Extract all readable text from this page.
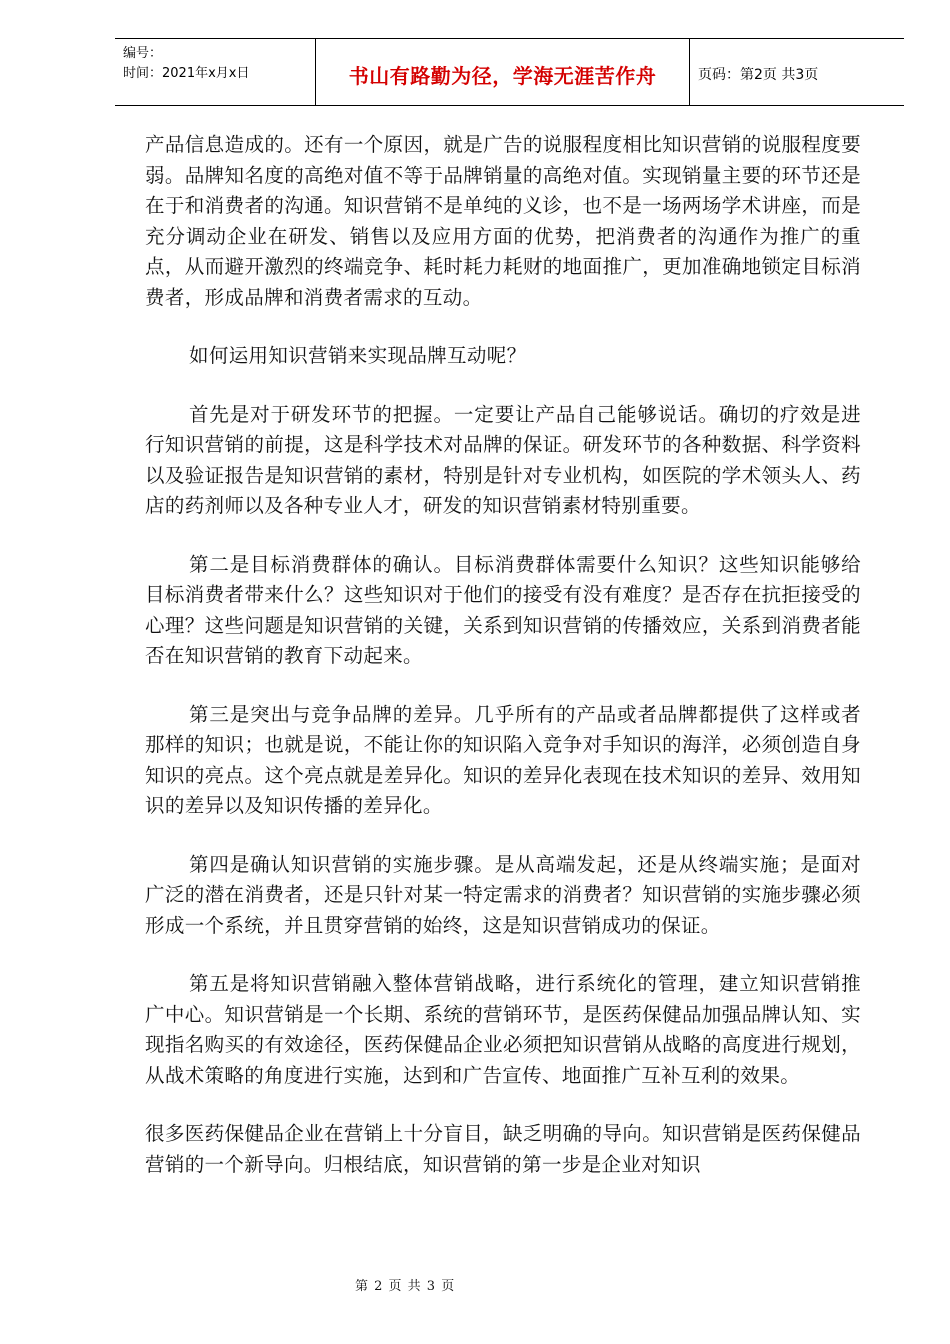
编号：
时间：2021年x月x日	书山有路勤为径，学海无涯苦作舟	页码：第2页 共3页

产品信息造成的。还有一个原因，就是广告的说服程度相比知识营销的说服程度要弱。品牌知名度的高绝对值不等于品牌销量的高绝对值。实现销量主要的环节还是在于和消费者的沟通。知识营销不是单纯的义诊，也不是一场两场学术讲座，而是充分调动企业在研发、销售以及应用方面的优势，把消费者的沟通作为推广的重点，从而避开激烈的终端竞争、耗时耗力耗财的地面推广，更加准确地锁定目标消费者，形成品牌和消费者需求的互动。

如何运用知识营销来实现品牌互动呢？

首先是对于研发环节的把握。一定要让产品自己能够说话。确切的疗效是进行知识营销的前提，这是科学技术对品牌的保证。研发环节的各种数据、科学资料以及验证报告是知识营销的素材，特别是针对专业机构，如医院的学术领头人、药店的药剂师以及各种专业人才，研发的知识营销素材特别重要。

第二是目标消费群体的确认。目标消费群体需要什么知识？这些知识能够给目标消费者带来什么？这些知识对于他们的接受有没有难度？是否存在抗拒接受的心理？这些问题是知识营销的关键，关系到知识营销的传播效应，关系到消费者能否在知识营销的教育下动起来。

第三是突出与竞争品牌的差异。几乎所有的产品或者品牌都提供了这样或者那样的知识；也就是说，不能让你的知识陷入竞争对手知识的海洋，必须创造自身知识的亮点。这个亮点就是差异化。知识的差异化表现在技术知识的差异、效用知识的差异以及知识传播的差异化。

第四是确认知识营销的实施步骤。是从高端发起，还是从终端实施；是面对广泛的潜在消费者，还是只针对某一特定需求的消费者？知识营销的实施步骤必须形成一个系统，并且贯穿营销的始终，这是知识营销成功的保证。

第五是将知识营销融入整体营销战略，进行系统化的管理，建立知识营销推广中心。知识营销是一个长期、系统的营销环节，是医药保健品加强品牌认知、实现指名购买的有效途径，医药保健品企业必须把知识营销从战略的高度进行规划，从战术策略的角度进行实施，达到和广告宣传、地面推广互补互利的效果。

很多医药保健品企业在营销上十分盲目，缺乏明确的导向。知识营销是医药保健品营销的一个新导向。归根结底，知识营销的第一步是企业对知识

第 2 页 共 3 页
